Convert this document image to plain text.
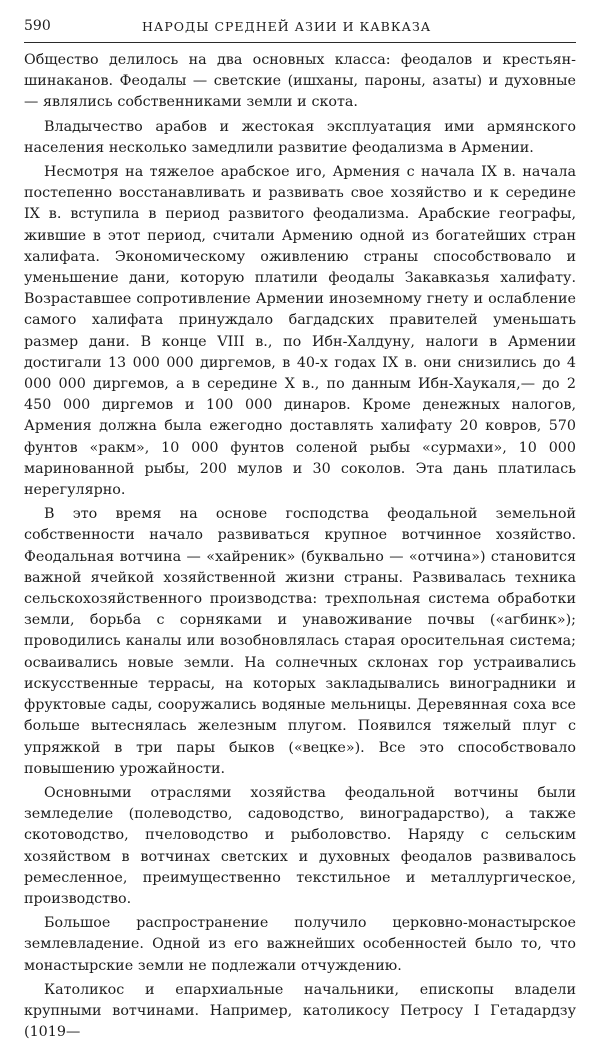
590	НАРОДЫ СРЕДНЕЙ АЗИИ И КАВКАЗА

Общество делилось на два основных класса: феодалов и крестьян-шинаканов. Феодалы — светские (ишханы, пароны, азаты) и духовные — являлись собственниками земли и скота.

Владычество арабов и жестокая эксплуатация ими армянского населения несколько замедлили развитие феодализма в Армении.

Несмотря на тяжелое арабское иго, Армения с начала IX в. начала постепенно восстанавливать и развивать свое хозяйство и к середине IX в. вступила в период развитого феодализма. Арабские географы, жившие в этот период, считали Армению одной из богатейших стран халифата. Экономическому оживлению страны способствовало и уменьшение дани, которую платили феодалы Закавказья халифату. Возраставшее сопротивление Армении иноземному гнету и ослабление самого халифата принуждало багдадских правителей уменьшать размер дани. В конце VIII в., по Ибн-Халдуну, налоги в Армении достигали 13 000 000 диргемов, в 40-х годах IX в. они снизились до 4 000 000 диргемов, а в середине X в., по данным Ибн-Хаукаля,— до 2 450 000 диргемов и 100 000 динаров. Кроме денежных налогов, Армения должна была ежегодно доставлять халифату 20 ковров, 570 фунтов «ракм», 10 000 фунтов соленой рыбы «сурмахи», 10 000 маринованной рыбы, 200 мулов и 30 соколов. Эта дань платилась нерегулярно.

В это время на основе господства феодальной земельной собственности начало развиваться крупное вотчинное хозяйство. Феодальная вотчина — «хайреник» (буквально — «отчина») становится важной ячейкой хозяйственной жизни страны. Развивалась техника сельскохозяйственного производства: трехпольная система обработки земли, борьба с сорняками и унавоживание почвы («агбинк»); проводились каналы или возобновлялась старая оросительная система; осваивались новые земли. На солнечных склонах гор устраивались искусственные террасы, на которых закладывались виноградники и фруктовые сады, сооружались водяные мельницы. Деревянная соха все больше вытеснялась железным плугом. Появился тяжелый плуг с упряжкой в три пары быков («вецке»). Все это способствовало повышению урожайности.

Основными отраслями хозяйства феодальной вотчины были земледелие (полеводство, садоводство, виноградарство), а также скотоводство, пчеловодство и рыболовство. Наряду с сельским хозяйством в вотчинах светских и духовных феодалов развивалось ремесленное, преимущественно текстильное и металлургическое, производство.

Большое распространение получило церковно-монастырское землевладение. Одной из его важнейших особенностей было то, что монастырские земли не подлежали отчуждению.

Католикос и епархиальные начальники, епископы владели крупными вотчинами. Например, католикосу Петросу I Гетадардзу (1019—
